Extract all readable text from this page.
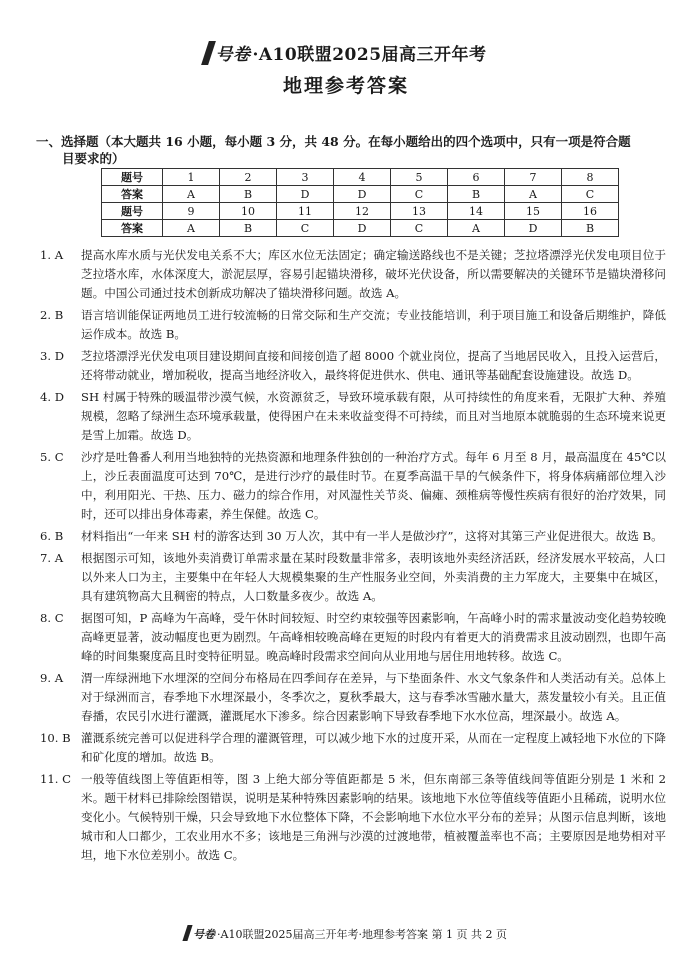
号卷 ·A10联盟2025届高三开年考
地理参考答案
一、选择题（本大题共 16 小题，每小题 3 分，共 48 分。在每小题给出的四个选项中，只有一项是符合题
目要求的）
题号	1	2	3	4	5	6	7	8
答案	A	B	D	D	C	B	A	C
题号	9	10	11	12	13	14	15	16
答案	A	B	C	D	C	A	D	B
1. A 提高水库水质与光伏发电关系不大；库区水位无法固定；确定输送路线也不是关键；芝拉塔漂浮光伏发电项目位于芝拉塔水库，水体深度大，淤泥层厚，容易引起锚块滑移，破坏光伏设备，所以需要解决的关键环节是锚块滑移问题。中国公司通过技术创新成功解决了锚块滑移问题。故选 A。
2. B 语言培训能保证两地员工进行较流畅的日常交际和生产交流；专业技能培训，利于项目施工和设备后期维护，降低运作成本。故选 B。
3. D 芝拉塔漂浮光伏发电项目建设期间直接和间接创造了超 8000 个就业岗位，提高了当地居民收入，且投入运营后，还将带动就业，增加税收，提高当地经济收入，最终将促进供水、供电、通讯等基础配套设施建设。故选 D。
4. D SH 村属于特殊的暖温带沙漠气候，水资源贫乏，导致环境承载有限，从可持续性的角度来看，无限扩大种、养殖规模，忽略了绿洲生态环境承载量，使得困户在未来收益变得不可持续，而且对当地原本就脆弱的生态环境来说更是雪上加霜。故选 D。
5. C 沙疗是吐鲁番人利用当地独特的光热资源和地理条件独创的一种治疗方式。每年 6 月至 8 月，最高温度在 45℃以上，沙丘表面温度可达到 70℃，是进行沙疗的最佳时节。在夏季高温干旱的气候条件下，将身体病痛部位埋入沙中，利用阳光、干热、压力、磁力的综合作用，对风湿性关节炎、偏瘫、颈椎病等慢性疾病有很好的治疗效果，同时，还可以排出身体毒素，养生保健。故选 C。
6. B 材料指出“一年来 SH 村的游客达到 30 万人次，其中有一半人是做沙疗”，这将对其第三产业促进很大。故选 B。
7. A 根据图示可知，该地外卖消费订单需求量在某时段数量非常多，表明该地外卖经济活跃，经济发展水平较高，人口以外来人口为主，主要集中在年轻人大规模集聚的生产性服务业空间，外卖消费的主力军庞大，主要集中在城区，具有建筑物高大且稠密的特点，人口数量多夜少。故选 A。
8. C 据图可知，P 高峰为午高峰，受午休时间较短、时空约束较强等因素影响，午高峰小时的需求量波动变化趋势较晚高峰更显著，波动幅度也更为剧烈。午高峰相较晚高峰在更短的时段内有着更大的消费需求且波动剧烈，也即午高峰的时间集聚度高且时变特征明显。晚高峰时段需求空间向从业用地与居住用地转移。故选 C。
9. A 渭一库绿洲地下水埋深的空间分布格局在四季间存在差异，与下垫面条件、水文气象条件和人类活动有关。总体上对于绿洲而言，春季地下水埋深最小，冬季次之，夏秋季最大，这与春季冰雪融水量大，蒸发量较小有关。且正值春播，农民引水进行灌溉，灌溉尾水下渗多。综合因素影响下导致春季地下水水位高，埋深最小。故选 A。
10. B 灌溉系统完善可以促进科学合理的灌溉管理，可以减少地下水的过度开采，从而在一定程度上减轻地下水位的下降和矿化度的增加。故选 B。
11. C 一般等值线图上等值距相等，图 3 上绝大部分等值距都是 5 米，但东南部三条等值线间等值距分别是 1 米和 2 米。题干材料已排除绘图错误，说明是某种特殊因素影响的结果。该地地下水位等值线等值距小且稀疏，说明水位变化小。气候特别干燥，只会导致地下水位整体下降，不会影响地下水位水平分布的差异；从图示信息判断，该地城市和人口都少，工农业用水不多；该地是三角洲与沙漠的过渡地带，植被覆盖率也不高；主要原因是地势相对平坦，地下水位差别小。故选 C。
号卷 ·A10联盟2025届高三开年考·地理参考答案 第 1 页 共 2 页
